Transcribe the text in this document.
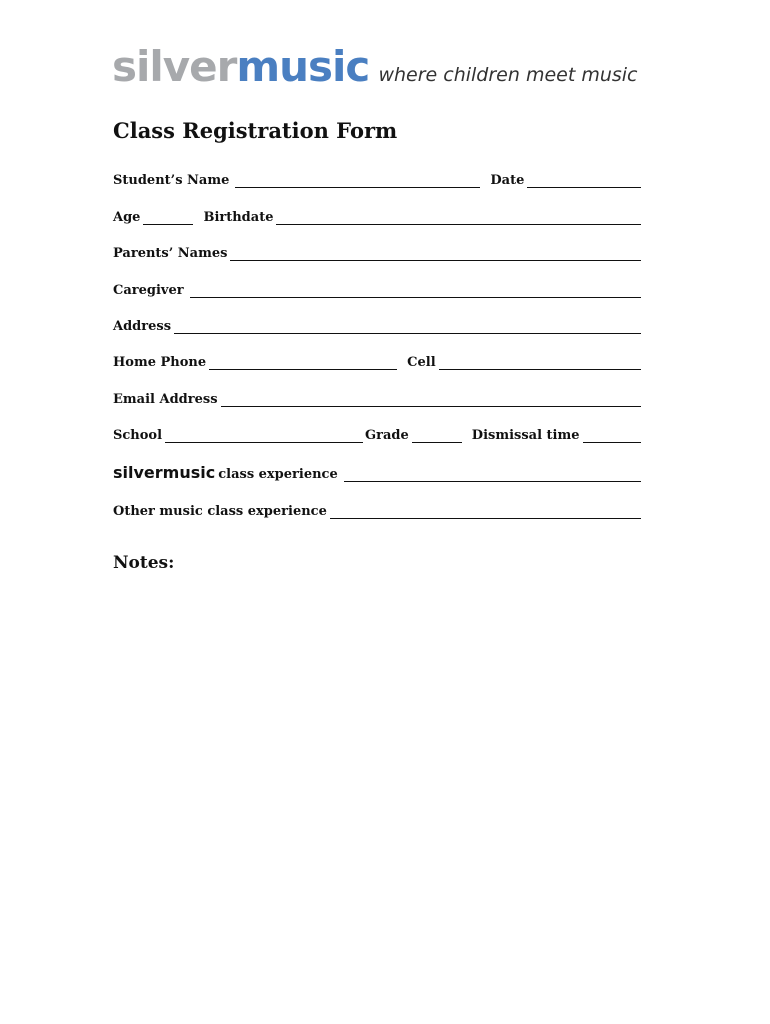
silvermusic where children meet music
Class Registration Form
Student’s Name	Date
Age	Birthdate
Parents’ Names
Caregiver
Address
Home Phone	Cell
Email Address
School	Grade	Dismissal time
silvermusic class experience
Other music class experience
Notes:
